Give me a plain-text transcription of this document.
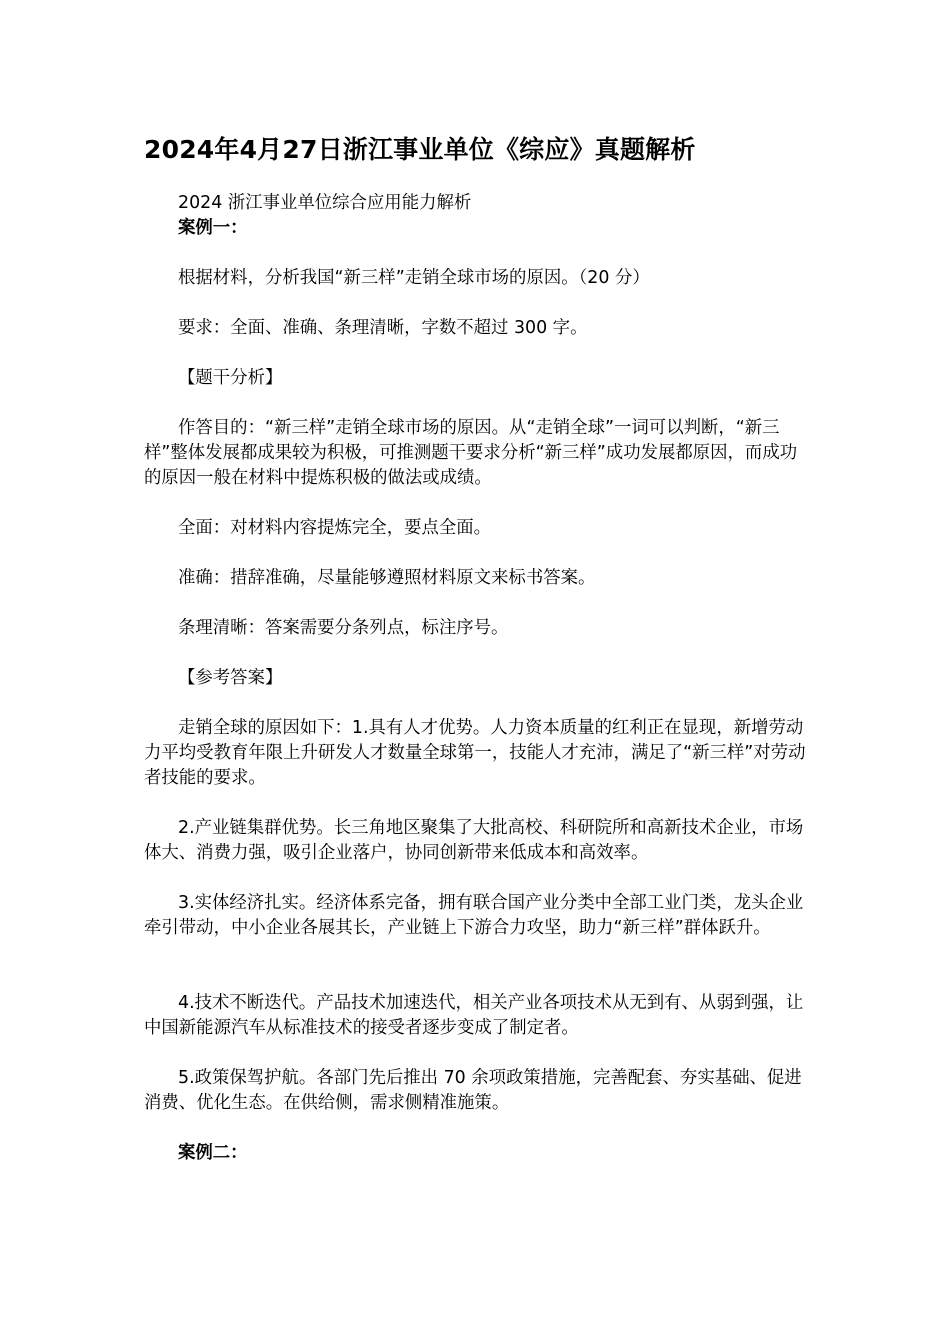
2024年4月27日浙江事业单位《综应》真题解析

2024 浙江事业单位综合应用能力解析

案例一：

根据材料，分析我国“新三样”走销全球市场的原因。（20 分）

要求：全面、准确、条理清晰，字数不超过 300 字。

【题干分析】

作答目的：“新三样”走销全球市场的原因。从“走销全球”一词可以判断，“新三样”整体发展都成果较为积极，可推测题干要求分析“新三样”成功发展都原因，而成功的原因一般在材料中提炼积极的做法或成绩。

全面：对材料内容提炼完全，要点全面。

准确：措辞准确，尽量能够遵照材料原文来标书答案。

条理清晰：答案需要分条列点，标注序号。

【参考答案】

走销全球的原因如下：1.具有人才优势。人力资本质量的红利正在显现，新增劳动力平均受教育年限上升研发人才数量全球第一，技能人才充沛，满足了“新三样”对劳动者技能的要求。

2.产业链集群优势。长三角地区聚集了大批高校、科研院所和高新技术企业，市场体大、消费力强，吸引企业落户，协同创新带来低成本和高效率。

3.实体经济扎实。经济体系完备，拥有联合国产业分类中全部工业门类，龙头企业牵引带动，中小企业各展其长，产业链上下游合力攻坚，助力“新三样”群体跃升。

4.技术不断迭代。产品技术加速迭代，相关产业各项技术从无到有、从弱到强，让中国新能源汽车从标准技术的接受者逐步变成了制定者。

5.政策保驾护航。各部门先后推出 70 余项政策措施，完善配套、夯实基础、促进消费、优化生态。在供给侧，需求侧精准施策。

案例二：
